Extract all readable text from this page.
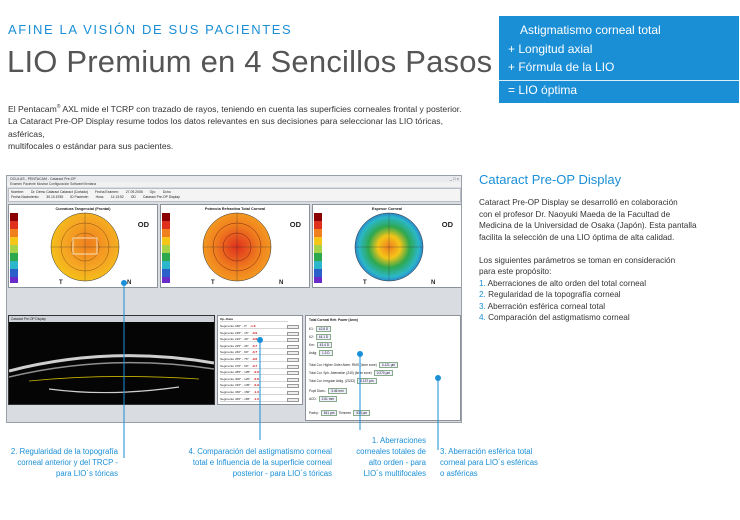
AFINE LA VISIÓN DE SUS PACIENTES
LIO Premium en 4 Sencillos Pasos

El Pentacam® AXL mide el TCRP con trazado de rayos, teniendo en cuenta las superficies corneales frontal y posterior.

La Cataract Pre-OP Display resume todos los datos relevantes en sus decisiones para seleccionar las LIO tóricas, asféricas,

multifocales o estándar para sus pacientes.

Astigmatismo corneal total
+ Longitud axial
+ Fórmula de la LIO
= LIO óptima
OCULUS - PENTACAM - Cataract Pre-OP	_ □ ×
Examen Paciente Mostrar Configuración Software/Ventana
Nombre: Dr. Demo Cataract Cataract (Cortado) Fecha Examen: 27.09.2006 Ojo: Dcho
Fecha Nacimiento: 30.10.1935 ID Paciente: Hora: 11:13:52 OD Cataract Pre-OP Display
Curvatura Tangencial (Frontal)
OD
T	N
Potencia Refractiva Total Corneal
OD
T	N
Espesor Corneal
OD
T	N
Cataract Pre-OP Display	Op.-Data
Segmento 180° - 0° -1.0
Segmento 195° - 15° -0.9
Segmento 210° - 30° -0.8
Segmento 225° - 45° -0.7
Segmento 240° - 60° -0.7
Segmento 255° - 75° -0.6
Segmento 270° - 90° -0.7
Segmento 285° - 105° -0.8
Segmento 300° - 120° -0.8
Segmento 315° - 135° -0.9
Segmento 330° - 150° -1.0
Segmento 345° - 165° -1.0
Total Corneal Refr. Power (4mm)
K1: 42.8 D
K2: 44.1 D
Km: 43.4 D
Astig: 1.3 D
Total Cor. Higher Order Aberr. RMS (4mm zone) 0.121 µm
Total Cor. Sph. Aberration (Z40) (6mm zone) 0.270 µm
Total Cor. Irregular Astig. (Z3/Z2) 0.137 µm
Pupil Diam.: 3.46 mm
ACD: 2.61 mm
Pachy: 541 µm Thinnest: 535 µm
2. Regularidad de la topografía
corneal anterior y del TRCP -
para LIO´s tóricas
4. Comparación del astigmatismo corneal
total e Influencia de la superficie corneal
posterior - para LIO´s tóricas
1. Aberraciones
corneales totales de
alto orden - para
LIO´s multifocales
3. Aberración esférica total
corneal para LIO´s esféricas
o asféricas
Cataract Pre-OP Display

Cataract Pre-OP Display se desarrolló en colaboración
con el profesor Dr. Naoyuki Maeda de la Facultad de
Medicina de la Universidad de Osaka (Japón). Esta pantalla
facilita la selección de una LIO óptima de alta calidad.

Los siguientes parámetros se toman en consideración
para este propósito:

1. Aberraciones de alto orden del total corneal
2. Regularidad de la topografía corneal
3. Aberración esférica corneal total
4. Comparación del astigmatismo corneal
